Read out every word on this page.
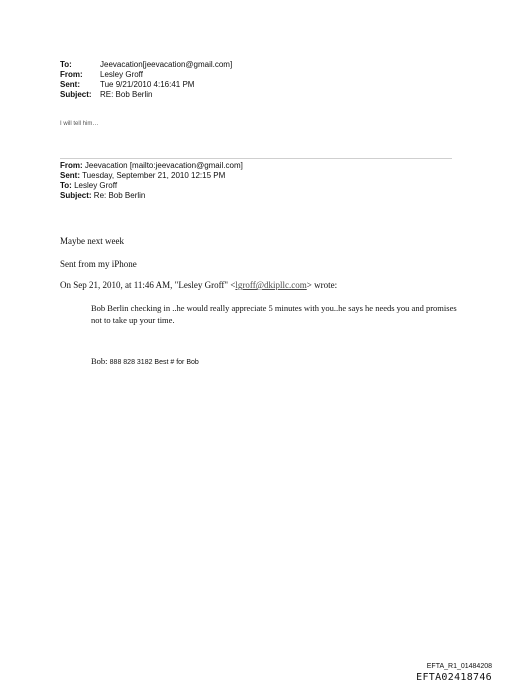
To:	Jeevacation[jeevacation@gmail.com]
From:	Lesley Groff
Sent:	Tue 9/21/2010 4:16:41 PM
Subject:	RE: Bob Berlin
I will tell him…
From: Jeevacation [mailto:jeevacation@gmail.com]
Sent: Tuesday, September 21, 2010 12:15 PM
To: Lesley Groff
Subject: Re: Bob Berlin
Maybe next week
Sent from my iPhone
On Sep 21, 2010, at 11:46 AM, "Lesley Groff" <lgroff@dkipllc.com> wrote:
Bob Berlin checking in ..he would really appreciate 5 minutes with you..he says he needs you and promises not to take up your time.
Bob: 888 828 3182 Best # for Bob
EFTA_R1_01484208
EFTA02418746
